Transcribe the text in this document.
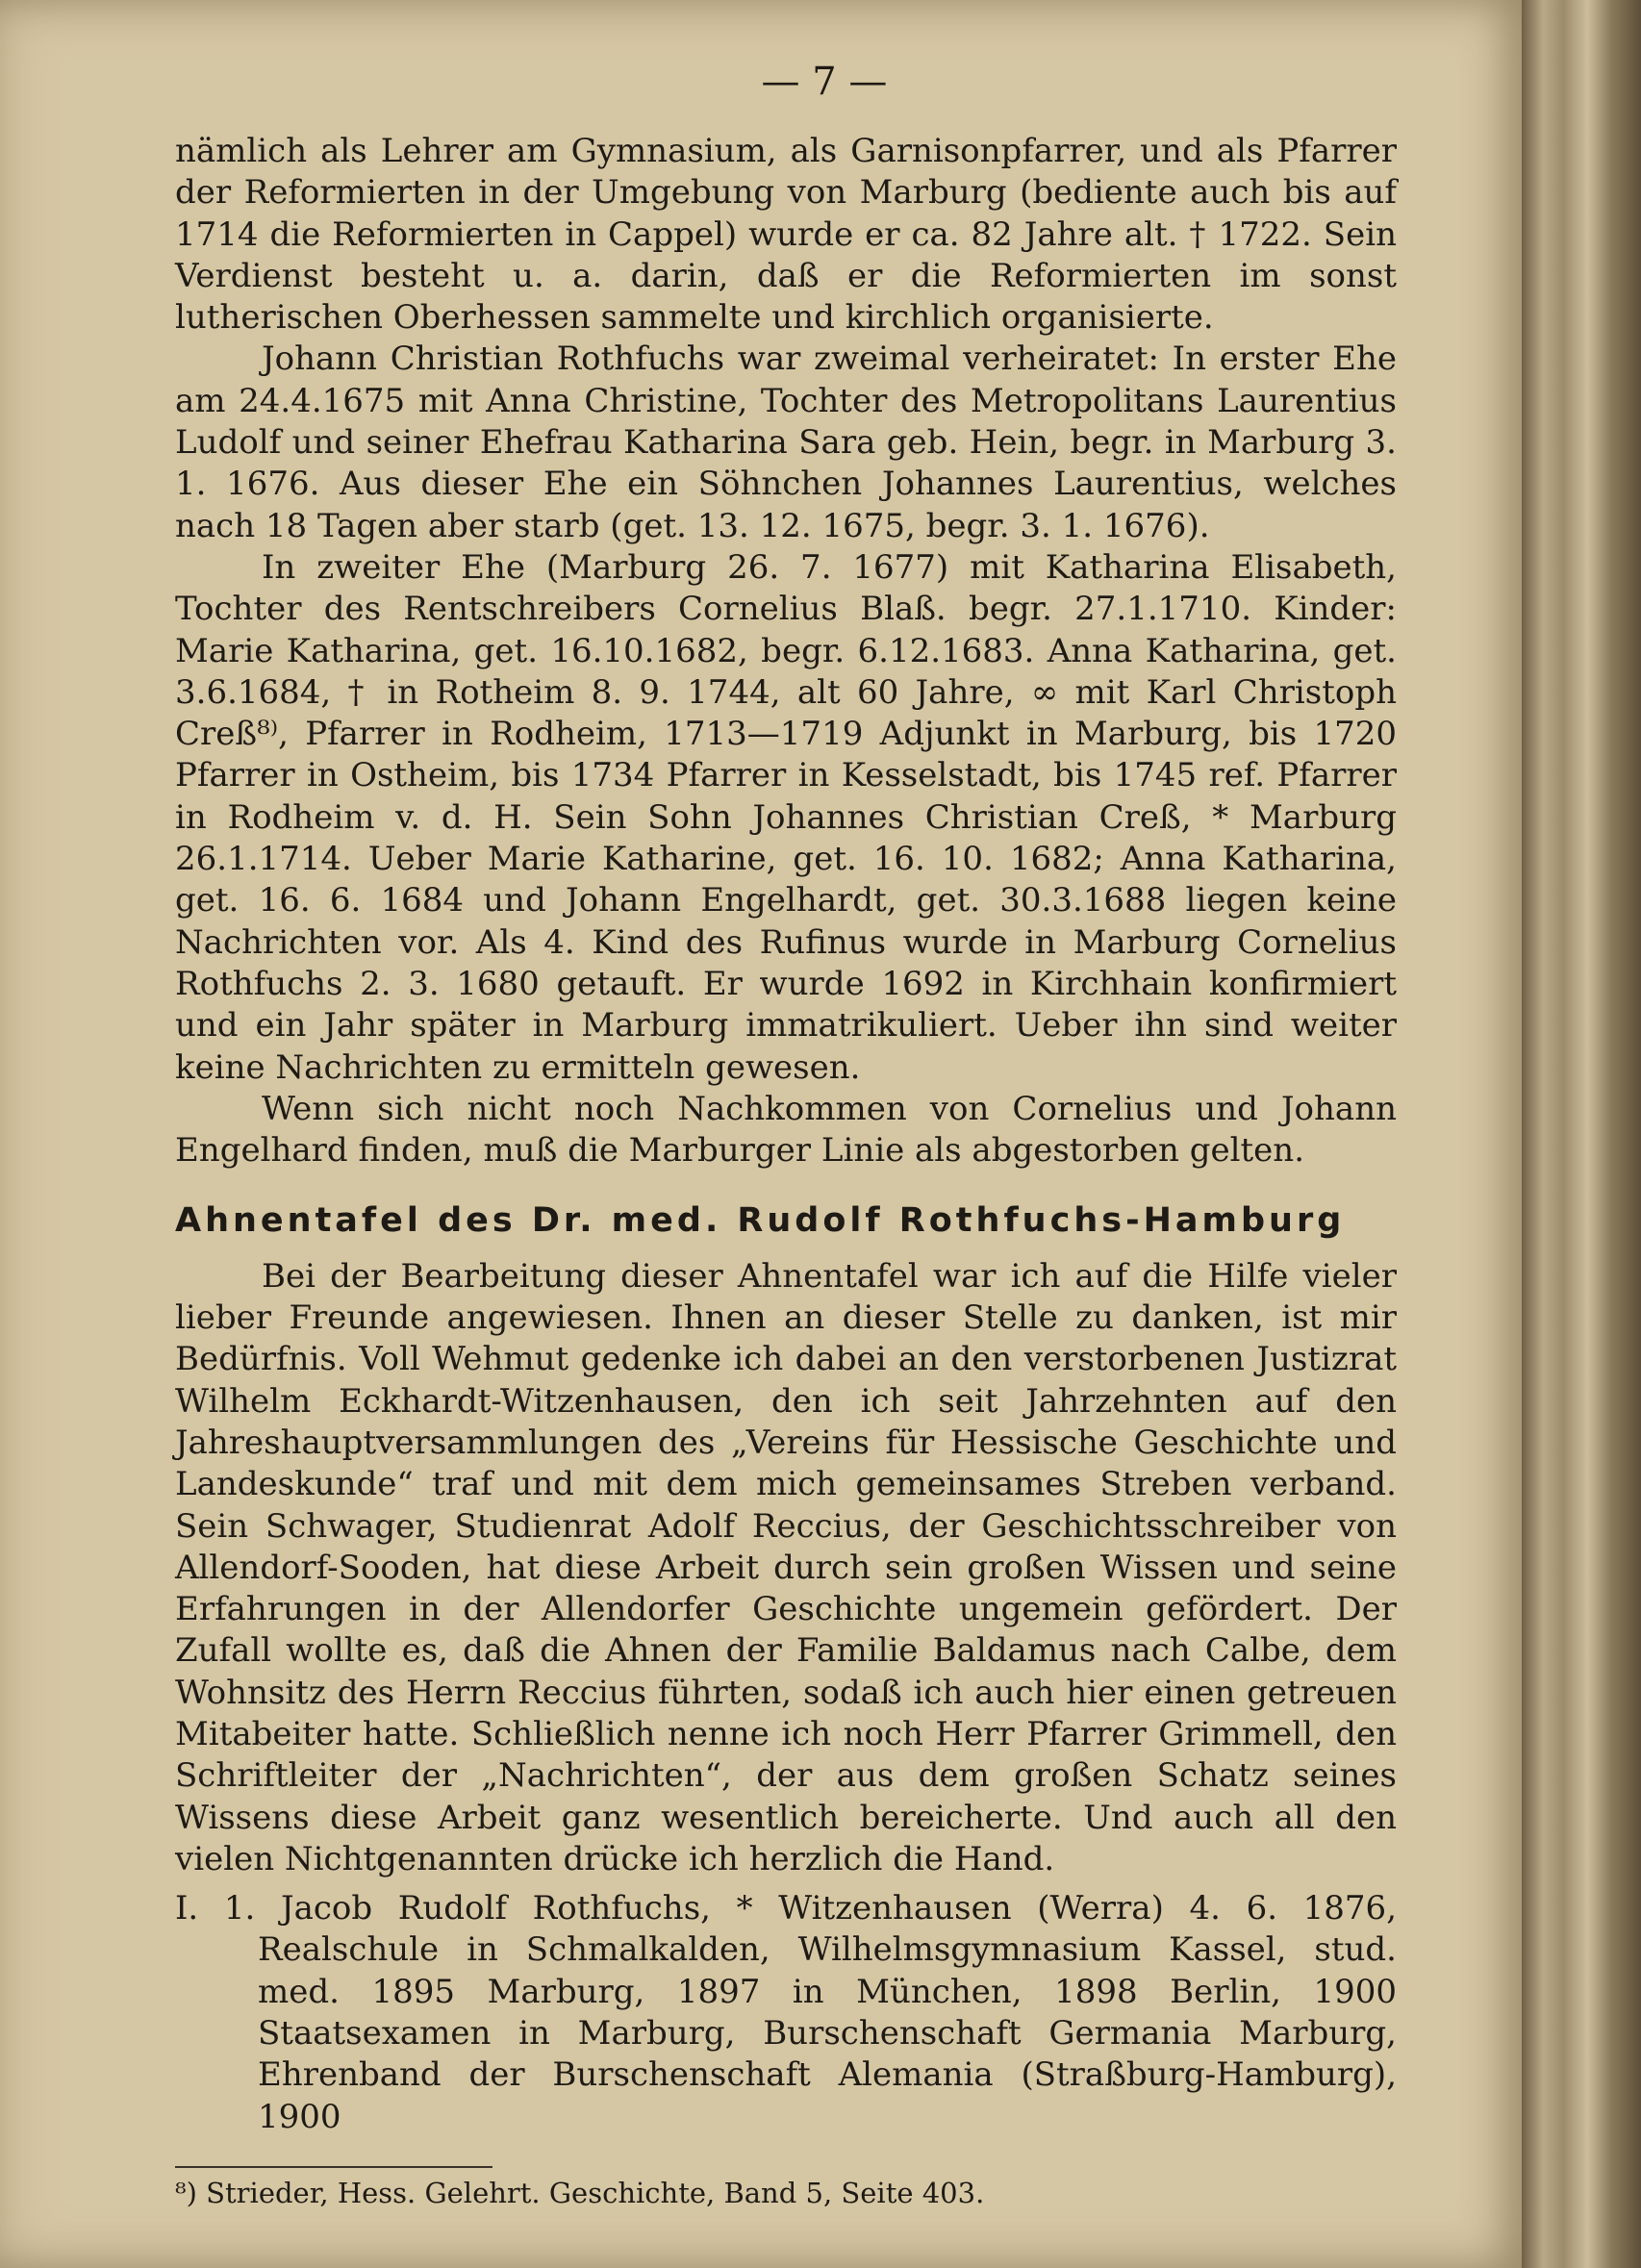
— 7 —

nämlich als Lehrer am Gymnasium, als Garnisonpfarrer, und als Pfarrer der Reformierten in der Umgebung von Marburg (bediente auch bis auf 1714 die Reformierten in Cappel) wurde er ca. 82 Jahre alt. † 1722. Sein Verdienst besteht u. a. darin, daß er die Reformierten im sonst lutherischen Oberhessen sammelte und kirchlich organisierte.

Johann Christian Rothfuchs war zweimal verheiratet: In erster Ehe am 24.4.1675 mit Anna Christine, Tochter des Metropolitans Laurentius Ludolf und seiner Ehefrau Katharina Sara geb. Hein, begr. in Marburg 3. 1. 1676. Aus dieser Ehe ein Söhnchen Johannes Laurentius, welches nach 18 Tagen aber starb (get. 13. 12. 1675, begr. 3. 1. 1676).

In zweiter Ehe (Marburg 26. 7. 1677) mit Katharina Elisabeth, Tochter des Rentschreibers Cornelius Blaß. begr. 27.1.1710. Kinder: Marie Katharina, get. 16.10.1682, begr. 6.12.1683. Anna Katharina, get. 3.6.1684, † in Rotheim 8. 9. 1744, alt 60 Jahre, ∞ mit Karl Christoph Creß⁸⁾, Pfarrer in Rodheim, 1713—1719 Adjunkt in Marburg, bis 1720 Pfarrer in Ostheim, bis 1734 Pfarrer in Kesselstadt, bis 1745 ref. Pfarrer in Rodheim v. d. H. Sein Sohn Johannes Christian Creß, * Marburg 26.1.1714. Ueber Marie Katharine, get. 16. 10. 1682; Anna Katharina, get. 16. 6. 1684 und Johann Engelhardt, get. 30.3.1688 liegen keine Nachrichten vor. Als 4. Kind des Rufinus wurde in Marburg Cornelius Rothfuchs 2. 3. 1680 getauft. Er wurde 1692 in Kirchhain konfirmiert und ein Jahr später in Marburg immatrikuliert. Ueber ihn sind weiter keine Nachrichten zu ermitteln gewesen.

Wenn sich nicht noch Nachkommen von Cornelius und Johann Engelhard finden, muß die Marburger Linie als abgestorben gelten.

Ahnentafel des Dr. med. Rudolf Rothfuchs-Hamburg

Bei der Bearbeitung dieser Ahnentafel war ich auf die Hilfe vieler lieber Freunde angewiesen. Ihnen an dieser Stelle zu danken, ist mir Bedürfnis. Voll Wehmut gedenke ich dabei an den verstorbenen Justizrat Wilhelm Eckhardt-Witzenhausen, den ich seit Jahrzehnten auf den Jahreshauptversammlungen des „Vereins für Hessische Geschichte und Landeskunde“ traf und mit dem mich gemeinsames Streben verband. Sein Schwager, Studienrat Adolf Reccius, der Geschichtsschreiber von Allendorf-Sooden, hat diese Arbeit durch sein großen Wissen und seine Erfahrungen in der Allendorfer Geschichte ungemein gefördert. Der Zufall wollte es, daß die Ahnen der Familie Baldamus nach Calbe, dem Wohnsitz des Herrn Reccius führten, sodaß ich auch hier einen getreuen Mitabeiter hatte. Schließlich nenne ich noch Herr Pfarrer Grimmell, den Schriftleiter der „Nachrichten“, der aus dem großen Schatz seines Wissens diese Arbeit ganz wesentlich bereicherte. Und auch all den vielen Nichtgenannten drücke ich herzlich die Hand.

I. 1. Jacob Rudolf Rothfuchs, * Witzenhausen (Werra) 4. 6. 1876, Realschule in Schmalkalden, Wilhelmsgymnasium Kassel, stud. med. 1895 Marburg, 1897 in München, 1898 Berlin, 1900 Staatsexamen in Marburg, Burschenschaft Germania Marburg, Ehrenband der Burschenschaft Alemania (Straßburg-Hamburg), 1900

⁸) Strieder, Hess. Gelehrt. Geschichte, Band 5, Seite 403.
